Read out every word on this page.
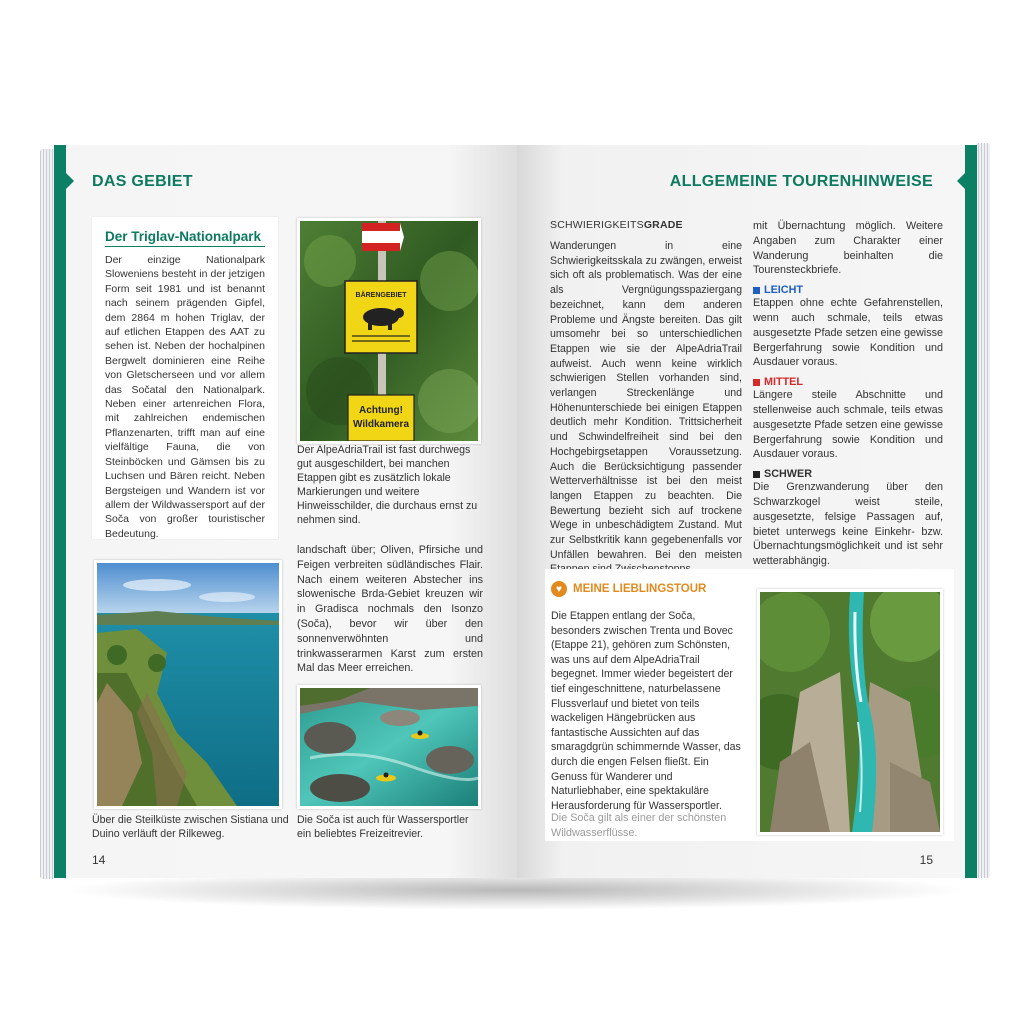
DAS GEBIET
Der Triglav-Nationalpark

Der einzige Nationalpark Sloweniens besteht in der jetzigen Form seit 1981 und ist benannt nach seinem prägenden Gipfel, dem 2864 m hohen Triglav, der auf etlichen Etappen des AAT zu sehen ist. Neben der hochalpinen Bergwelt dominieren eine Reihe von Gletscherseen und vor allem das Sočatal den Nationalpark. Neben einer artenreichen Flora, mit zahlreichen endemischen Pflanzenarten, trifft man auf eine vielfältige Fauna, die von Steinböcken und Gämsen bis zu Luchsen und Bären reicht. Neben Bergsteigen und Wandern ist vor allem der Wildwassersport auf der Soča von großer touristischer Bedeutung.

BÄRENGEBIET
Achtung!
Wildkamera

Der AlpeAdriaTrail ist fast durchwegs gut ausgeschildert, bei manchen Etappen gibt es zusätzlich lokale Markierungen und weitere Hinweisschilder, die durchaus ernst zu nehmen sind.

landschaft über; Oliven, Pfirsiche und Feigen verbreiten südländisches Flair. Nach einem weiteren Abstecher ins slowenische Brda-Gebiet kreuzen wir in Gradisca nochmals den Isonzo (Soča), bevor wir über den sonnenverwöhnten und trinkwasserarmen Karst zum ersten Mal das Meer erreichen.

Über die Steilküste zwischen Sistiana und Duino verläuft der Rilkeweg.

Die Soča ist auch für Wassersportler ein beliebtes Freizeitrevier.

14
ALLGEMEINE TOURENHINWEISE
SCHWIERIGKEITSGRADE

Wanderungen in eine Schwierigkeitsskala zu zwängen, erweist sich oft als problematisch. Was der eine als Vergnügungsspaziergang bezeichnet, kann dem anderen Probleme und Ängste bereiten. Das gilt umsomehr bei so unterschiedlichen Etappen wie sie der AlpeAdriaTrail aufweist. Auch wenn keine wirklich schwierigen Stellen vorhanden sind, verlangen Streckenlänge und Höhenunterschiede bei einigen Etappen deutlich mehr Kondition. Trittsicherheit und Schwindelfreiheit sind bei den Hochgebirgsetappen Voraussetzung. Auch die Berücksichtigung passender Wetterverhältnisse ist bei den meist langen Etappen zu beachten. Die Bewertung bezieht sich auf trockene Wege in unbeschädigtem Zustand. Mut zur Selbstkritik kann gegebenenfalls vor Unfällen bewahren. Bei den meisten

mit Übernachtung möglich. Weitere Angaben zum Charakter einer Wanderung beinhalten die Tourensteckbriefe.

LEICHT

Etappen ohne echte Gefahrenstellen, wenn auch schmale, teils etwas ausgesetzte Pfade setzen eine gewisse Bergerfahrung sowie Kondition und Ausdauer voraus.

MITTEL

Längere steile Abschnitte und stellenweise auch schmale, teils etwas ausgesetzte Pfade setzen eine gewisse Bergerfahrung sowie Kondition und Ausdauer voraus.

SCHWER

Die Grenzwanderung über den Schwarzkogel weist steile, ausgesetzte, felsige Passagen auf, bietet unterwegs keine Einkehr- bzw. Übernachtungsmöglichkeit und ist sehr wetterabhängig.

♥ MEINE LIEBLINGSTOUR

Die Etappen entlang der Soča, besonders zwischen Trenta und Bovec (Etappe 21), gehören zum Schönsten, was uns auf dem AlpeAdriaTrail begegnet. Immer wieder begeistert der tief eingeschnittene, naturbelassene Flussverlauf und bietet von teils wackeligen Hängebrücken aus fantastische Aussichten auf das smaragdgrün schimmernde Wasser, das durch die engen Felsen fließt. Ein Genuss für Wanderer und Naturliebhaber, eine spektakuläre Herausforderung für Wassersportler.

Die Soča gilt als einer der schönsten Wildwasserflüsse.

15
